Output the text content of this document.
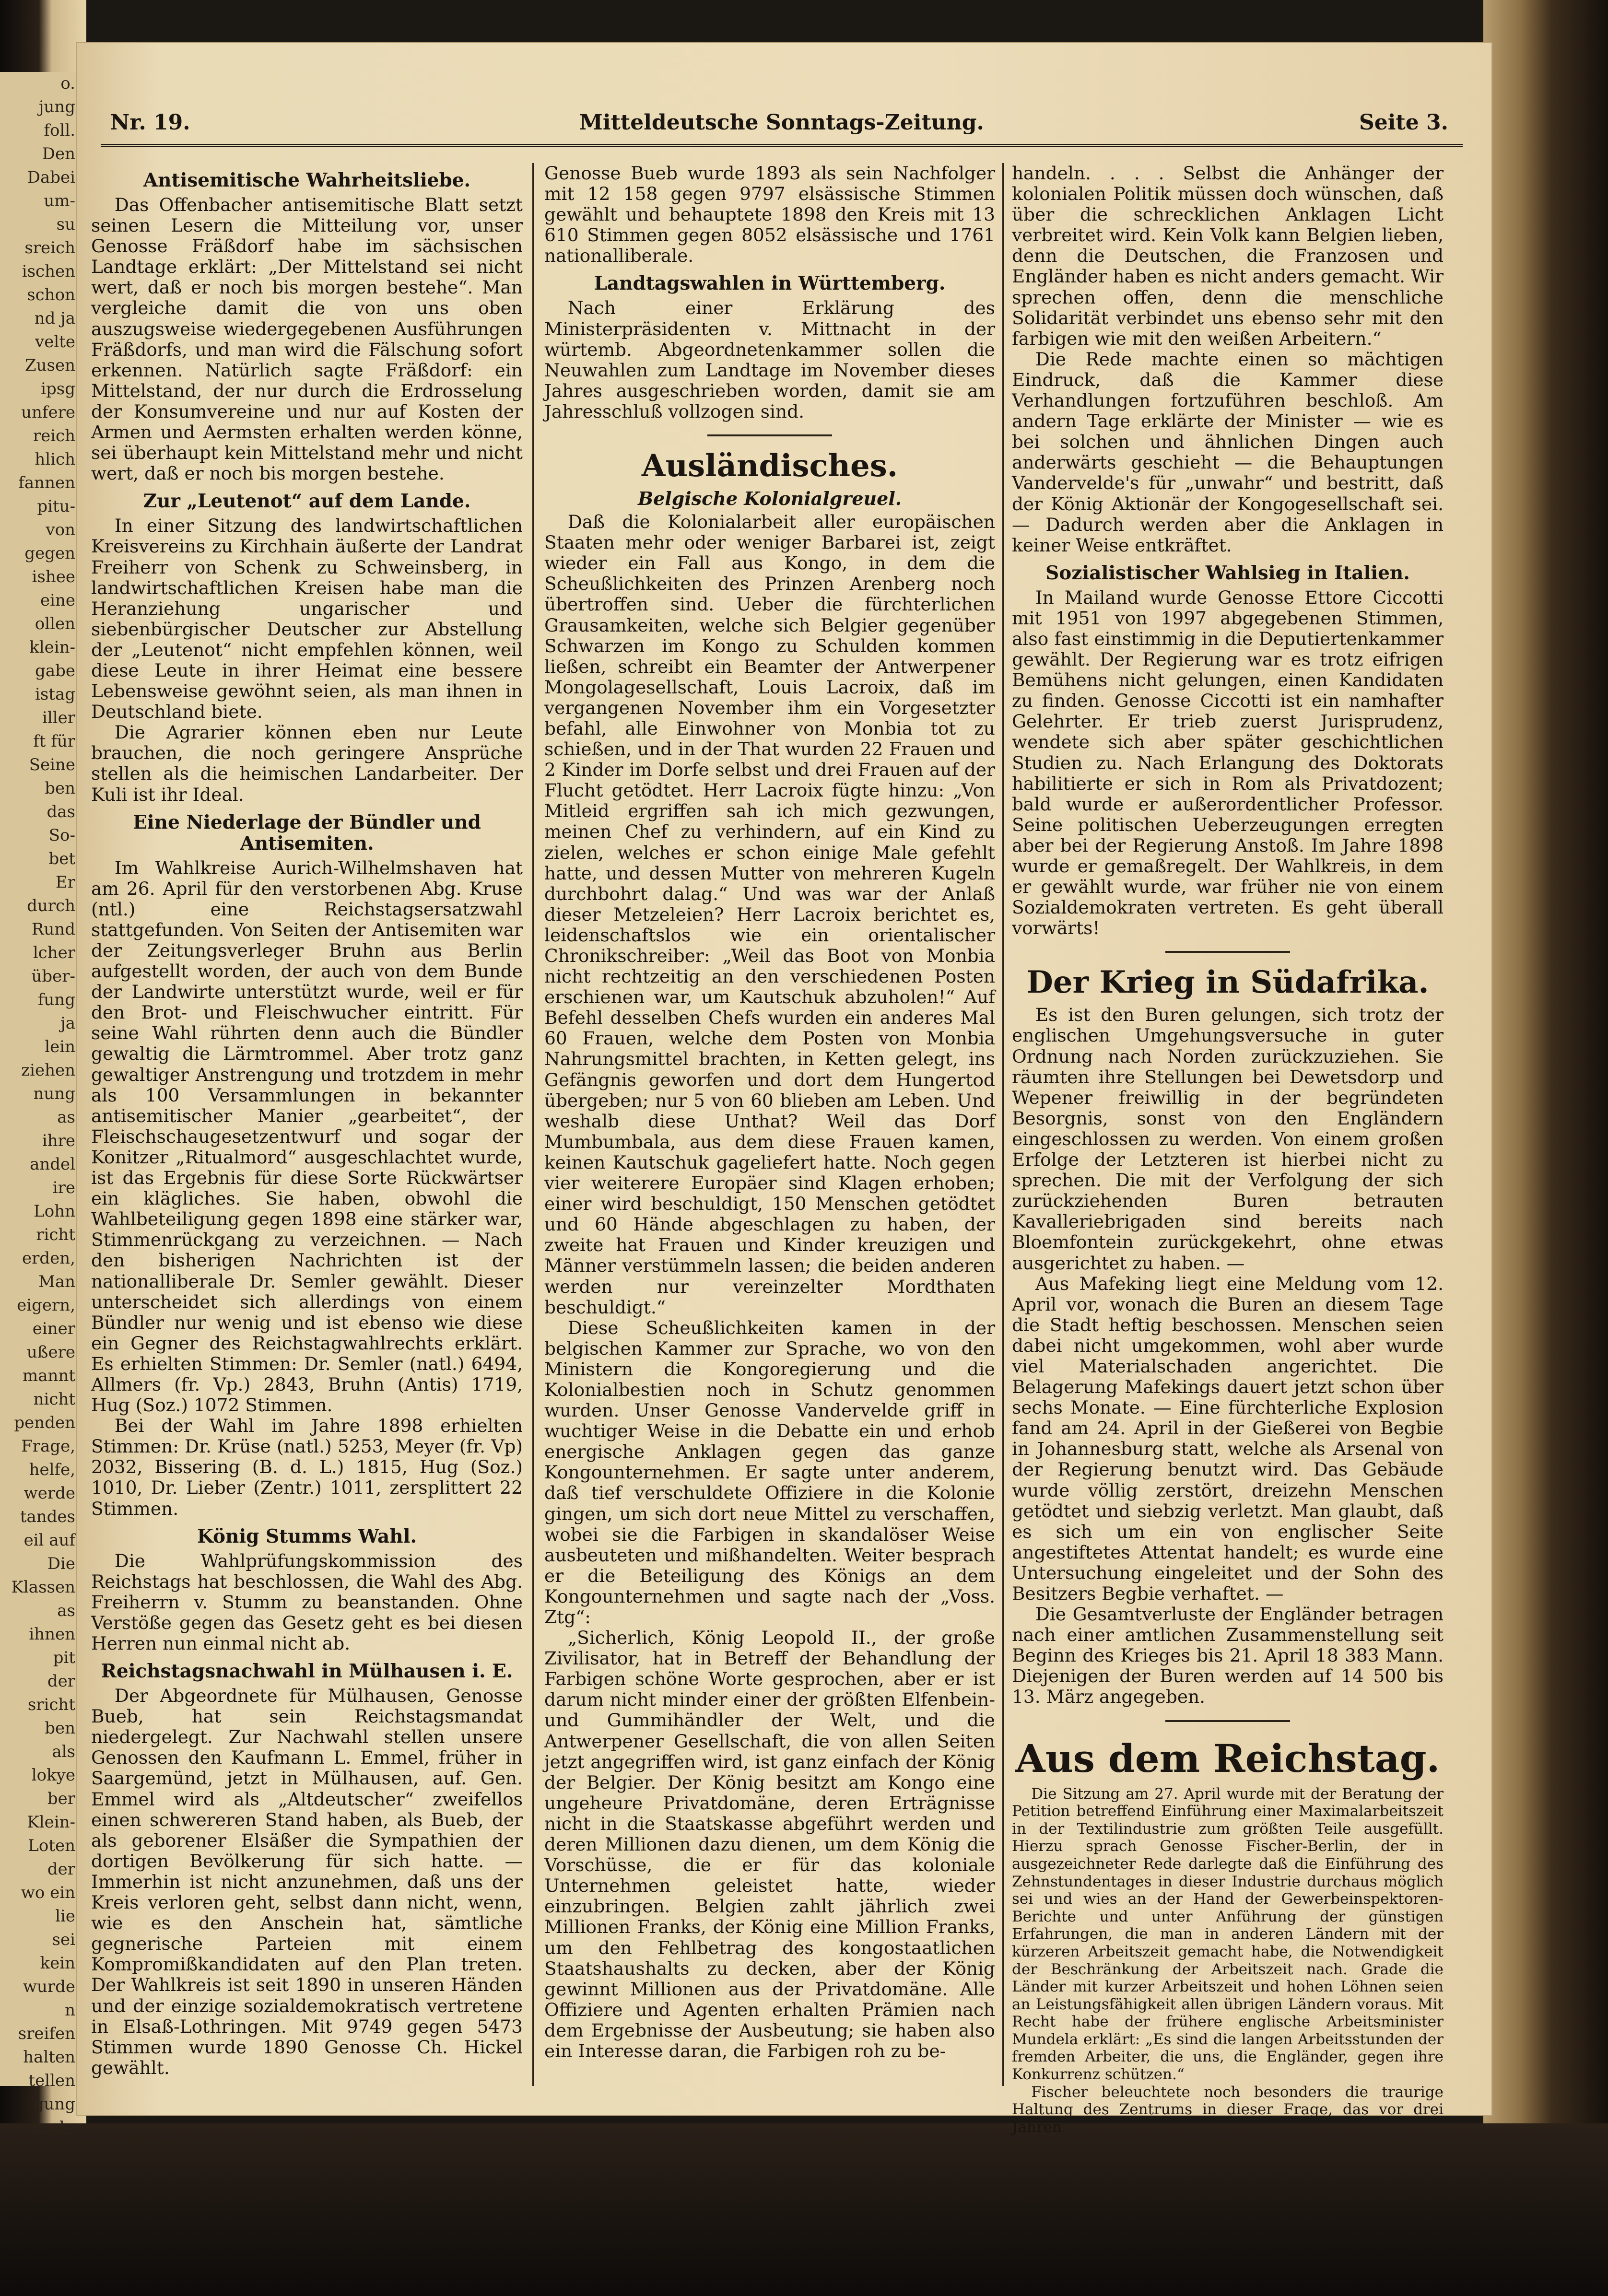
o.
jung
foll.
Den
Dabei
um-
su
sreich
ischen
schon
nd ja
velte
Zusen
ipsg
unfere
reich
hlich
fannen
pitu-
von
gegen
ishee
eine
ollen
klein-
gabe
istag
iller
ft für
Seine
ben
das
So-
bet
Er
durch
Rund
lcher
über-
fung
ja
lein
ziehen
nung
as
ihre
andel
ire
Lohn
richt
erden,
Man
eigern,
einer
ußere
mannt
nicht
penden
Frage,
helfe,
werde
tandes
eil auf
Die
Klassen
as
ihnen
pit
der
sricht
ben
als
lokye
ber
Klein-
Loten
der
wo ein
lie
sei
kein
wurde
n
sreifen
halten
tellen
gung
urch-
Nr. 19.	Mitteldeutsche Sonntags-Zeitung.	Seite 3.
Antisemitische Wahrheitsliebe.

Das Offenbacher antisemitische Blatt setzt seinen Lesern die Mitteilung vor, unser Genosse Fräßdorf habe im sächsischen Landtage erklärt: „Der Mittelstand sei nicht wert, daß er noch bis morgen bestehe“. Man vergleiche damit die von uns oben auszugsweise wiedergegebenen Ausführungen Fräßdorfs, und man wird die Fälschung sofort erkennen. Natürlich sagte Fräßdorf: ein Mittelstand, der nur durch die Erdrosselung der Konsumvereine und nur auf Kosten der Armen und Aermsten erhalten werden könne, sei überhaupt kein Mittelstand mehr und nicht wert, daß er noch bis morgen bestehe.

Zur „Leutenot“ auf dem Lande.

In einer Sitzung des landwirtschaftlichen Kreisvereins zu Kirchhain äußerte der Landrat Freiherr von Schenk zu Schweinsberg, in landwirtschaftlichen Kreisen habe man die Heranziehung ungarischer und siebenbürgischer Deutscher zur Abstellung der „Leutenot“ nicht empfehlen können, weil diese Leute in ihrer Heimat eine bessere Lebensweise gewöhnt seien, als man ihnen in Deutschland biete.

Die Agrarier können eben nur Leute brauchen, die noch geringere Ansprüche stellen als die heimischen Landarbeiter. Der Kuli ist ihr Ideal.

Eine Niederlage der Bündler und Antisemiten.

Im Wahlkreise Aurich-Wilhelmshaven hat am 26. April für den verstorbenen Abg. Kruse (ntl.) eine Reichstagsersatzwahl stattgefunden. Von Seiten der Antisemiten war der Zeitungsverleger Bruhn aus Berlin aufgestellt worden, der auch von dem Bunde der Landwirte unterstützt wurde, weil er für den Brot- und Fleischwucher eintritt. Für seine Wahl rührten denn auch die Bündler gewaltig die Lärmtrommel. Aber trotz ganz gewaltiger Anstrengung und trotzdem in mehr als 100 Versammlungen in bekannter antisemitischer Manier „gearbeitet“, der Fleischschaugesetzentwurf und sogar der Konitzer „Ritualmord“ ausgeschlachtet wurde, ist das Ergebnis für diese Sorte Rückwärtser ein klägliches. Sie haben, obwohl die Wahlbeteiligung gegen 1898 eine stärker war, Stimmenrückgang zu verzeichnen. — Nach den bisherigen Nachrichten ist der nationalliberale Dr. Semler gewählt. Dieser unterscheidet sich allerdings von einem Bündler nur wenig und ist ebenso wie diese ein Gegner des Reichstagwahlrechts erklärt. Es erhielten Stimmen: Dr. Semler (natl.) 6494, Allmers (fr. Vp.) 2843, Bruhn (Antis) 1719, Hug (Soz.) 1072 Stimmen.

Bei der Wahl im Jahre 1898 erhielten Stimmen: Dr. Krüse (natl.) 5253, Meyer (fr. Vp) 2032, Bissering (B. d. L.) 1815, Hug (Soz.) 1010, Dr. Lieber (Zentr.) 1011, zersplittert 22 Stimmen.

König Stumms Wahl.

Die Wahlprüfungskommission des Reichstags hat beschlossen, die Wahl des Abg. Freiherrn v. Stumm zu beanstanden. Ohne Verstöße gegen das Gesetz geht es bei diesen Herren nun einmal nicht ab.

Reichstagsnachwahl in Mülhausen i. E.

Der Abgeordnete für Mülhausen, Genosse Bueb, hat sein Reichstagsmandat niedergelegt. Zur Nachwahl stellen unsere Genossen den Kaufmann L. Emmel, früher in Saargemünd, jetzt in Mülhausen, auf. Gen. Emmel wird als „Altdeutscher“ zweifellos einen schwereren Stand haben, als Bueb, der als geborener Elsäßer die Sympathien der dortigen Bevölkerung für sich hatte. — Immerhin ist nicht anzunehmen, daß uns der Kreis verloren geht, selbst dann nicht, wenn, wie es den Anschein hat, sämtliche gegnerische Parteien mit einem Kompromißkandidaten auf den Plan treten. Der Wahlkreis ist seit 1890 in unseren Händen und der einzige sozialdemokratisch vertretene in Elsaß-Lothringen. Mit 9749 gegen 5473 Stimmen wurde 1890 Genosse Ch. Hickel gewählt.

Genosse Bueb wurde 1893 als sein Nachfolger mit 12 158 gegen 9797 elsässische Stimmen gewählt und behauptete 1898 den Kreis mit 13 610 Stimmen gegen 8052 elsässische und 1761 nationalliberale.

Landtagswahlen in Württemberg.

Nach einer Erklärung des Ministerpräsidenten v. Mittnacht in der würtemb. Abgeordnetenkammer sollen die Neuwahlen zum Landtage im November dieses Jahres ausgeschrieben worden, damit sie am Jahresschluß vollzogen sind.

Ausländisches.
Belgische Kolonialgreuel.

Daß die Kolonialarbeit aller europäischen Staaten mehr oder weniger Barbarei ist, zeigt wieder ein Fall aus Kongo, in dem die Scheußlichkeiten des Prinzen Arenberg noch übertroffen sind. Ueber die fürchterlichen Grausamkeiten, welche sich Belgier gegenüber Schwarzen im Kongo zu Schulden kommen ließen, schreibt ein Beamter der Antwerpener Mongolagesellschaft, Louis Lacroix, daß im vergangenen November ihm ein Vorgesetzter befahl, alle Einwohner von Monbia tot zu schießen, und in der That wurden 22 Frauen und 2 Kinder im Dorfe selbst und drei Frauen auf der Flucht getödtet. Herr Lacroix fügte hinzu: „Von Mitleid ergriffen sah ich mich gezwungen, meinen Chef zu verhindern, auf ein Kind zu zielen, welches er schon einige Male gefehlt hatte, und dessen Mutter von mehreren Kugeln durchbohrt dalag.“ Und was war der Anlaß dieser Metzeleien? Herr Lacroix berichtet es, leidenschaftslos wie ein orientalischer Chronikschreiber: „Weil das Boot von Monbia nicht rechtzeitig an den verschiedenen Posten erschienen war, um Kautschuk abzuholen!“ Auf Befehl desselben Chefs wurden ein anderes Mal 60 Frauen, welche dem Posten von Monbia Nahrungsmittel brachten, in Ketten gelegt, ins Gefängnis geworfen und dort dem Hungertod übergeben; nur 5 von 60 blieben am Leben. Und weshalb diese Unthat? Weil das Dorf Mumbumbala, aus dem diese Frauen kamen, keinen Kautschuk gageliefert hatte. Noch gegen vier weiterere Europäer sind Klagen erhoben; einer wird beschuldigt, 150 Menschen getödtet und 60 Hände abgeschlagen zu haben, der zweite hat Frauen und Kinder kreuzigen und Männer verstümmeln lassen; die beiden anderen werden nur vereinzelter Mordthaten beschuldigt.“

Diese Scheußlichkeiten kamen in der belgischen Kammer zur Sprache, wo von den Ministern die Kongoregierung und die Kolonialbestien noch in Schutz genommen wurden. Unser Genosse Vandervelde griff in wuchtiger Weise in die Debatte ein und erhob energische Anklagen gegen das ganze Kongounternehmen. Er sagte unter anderem, daß tief verschuldete Offiziere in die Kolonie gingen, um sich dort neue Mittel zu verschaffen, wobei sie die Farbigen in skandalöser Weise ausbeuteten und mißhandelten. Weiter besprach er die Beteiligung des Königs an dem Kongounternehmen und sagte nach der „Voss. Ztg“:

„Sicherlich, König Leopold II., der große Zivilisator, hat in Betreff der Behandlung der Farbigen schöne Worte gesprochen, aber er ist darum nicht minder einer der größten Elfenbein- und Gummihändler der Welt, und die Antwerpener Gesellschaft, die von allen Seiten jetzt angegriffen wird, ist ganz einfach der König der Belgier. Der König besitzt am Kongo eine ungeheure Privatdomäne, deren Erträgnisse nicht in die Staatskasse abgeführt werden und deren Millionen dazu dienen, um dem König die Vorschüsse, die er für das koloniale Unternehmen geleistet hatte, wieder einzubringen. Belgien zahlt jährlich zwei Millionen Franks, der König eine Million Franks, um den Fehlbetrag des kongostaatlichen Staatshaushalts zu decken, aber der König gewinnt Millionen aus der Privatdomäne. Alle Offiziere und Agenten erhalten Prämien nach dem Ergebnisse der Ausbeutung; sie haben also ein Interesse daran, die Farbigen roh zu be-

handeln. . . . Selbst die Anhänger der kolonialen Politik müssen doch wünschen, daß über die schrecklichen Anklagen Licht verbreitet wird. Kein Volk kann Belgien lieben, denn die Deutschen, die Franzosen und Engländer haben es nicht anders gemacht. Wir sprechen offen, denn die menschliche Solidarität verbindet uns ebenso sehr mit den farbigen wie mit den weißen Arbeitern.“

Die Rede machte einen so mächtigen Eindruck, daß die Kammer diese Verhandlungen fortzuführen beschloß. Am andern Tage erklärte der Minister — wie es bei solchen und ähnlichen Dingen auch anderwärts geschieht — die Behauptungen Vandervelde's für „unwahr“ und bestritt, daß der König Aktionär der Kongogesellschaft sei. — Dadurch werden aber die Anklagen in keiner Weise entkräftet.

Sozialistischer Wahlsieg in Italien.

In Mailand wurde Genosse Ettore Ciccotti mit 1951 von 1997 abgegebenen Stimmen, also fast einstimmig in die Deputiertenkammer gewählt. Der Regierung war es trotz eifrigen Bemühens nicht gelungen, einen Kandidaten zu finden. Genosse Ciccotti ist ein namhafter Gelehrter. Er trieb zuerst Jurisprudenz, wendete sich aber später geschichtlichen Studien zu. Nach Erlangung des Doktorats habilitierte er sich in Rom als Privatdozent; bald wurde er außerordentlicher Professor. Seine politischen Ueberzeugungen erregten aber bei der Regierung Anstoß. Im Jahre 1898 wurde er gemaßregelt. Der Wahlkreis, in dem er gewählt wurde, war früher nie von einem Sozialdemokraten vertreten. Es geht überall vorwärts!

Der Krieg in Südafrika.

Es ist den Buren gelungen, sich trotz der englischen Umgehungsversuche in guter Ordnung nach Norden zurückzuziehen. Sie räumten ihre Stellungen bei Dewetsdorp und Wepener freiwillig in der begründeten Besorgnis, sonst von den Engländern eingeschlossen zu werden. Von einem großen Erfolge der Letzteren ist hierbei nicht zu sprechen. Die mit der Verfolgung der sich zurückziehenden Buren betrauten Kavalleriebrigaden sind bereits nach Bloemfontein zurückgekehrt, ohne etwas ausgerichtet zu haben. —

Aus Mafeking liegt eine Meldung vom 12. April vor, wonach die Buren an diesem Tage die Stadt heftig beschossen. Menschen seien dabei nicht umgekommen, wohl aber wurde viel Materialschaden angerichtet. Die Belagerung Mafekings dauert jetzt schon über sechs Monate. — Eine fürchterliche Explosion fand am 24. April in der Gießerei von Begbie in Johannesburg statt, welche als Arsenal von der Regierung benutzt wird. Das Gebäude wurde völlig zerstört, dreizehn Menschen getödtet und siebzig verletzt. Man glaubt, daß es sich um ein von englischer Seite angestiftetes Attentat handelt; es wurde eine Untersuchung eingeleitet und der Sohn des Besitzers Begbie verhaftet. —

Die Gesamtverluste der Engländer betragen nach einer amtlichen Zusammenstellung seit Beginn des Krieges bis 21. April 18 383 Mann. Diejenigen der Buren werden auf 14 500 bis 13. März angegeben.

Aus dem Reichstag.

Die Sitzung am 27. April wurde mit der Beratung der Petition betreffend Einführung einer Maximalarbeitszeit in der Textilindustrie zum größten Teile ausgefüllt. Hierzu sprach Genosse Fischer-Berlin, der in ausgezeichneter Rede darlegte daß die Einführung des Zehnstundentages in dieser Industrie durchaus möglich sei und wies an der Hand der Gewerbeinspektoren-Berichte und unter Anführung der günstigen Erfahrungen, die man in anderen Ländern mit der kürzeren Arbeitszeit gemacht habe, die Notwendigkeit der Beschränkung der Arbeitszeit nach. Grade die Länder mit kurzer Arbeitszeit und hohen Löhnen seien an Leistungsfähigkeit allen übrigen Ländern voraus. Mit Recht habe der frühere englische Arbeitsminister Mundela erklärt: „Es sind die langen Arbeitsstunden der fremden Arbeiter, die uns, die Engländer, gegen ihre Konkurrenz schützen.“

Fischer beleuchtete noch besonders die traurige Haltung des Zentrums in dieser Frage, das vor drei Jahren
